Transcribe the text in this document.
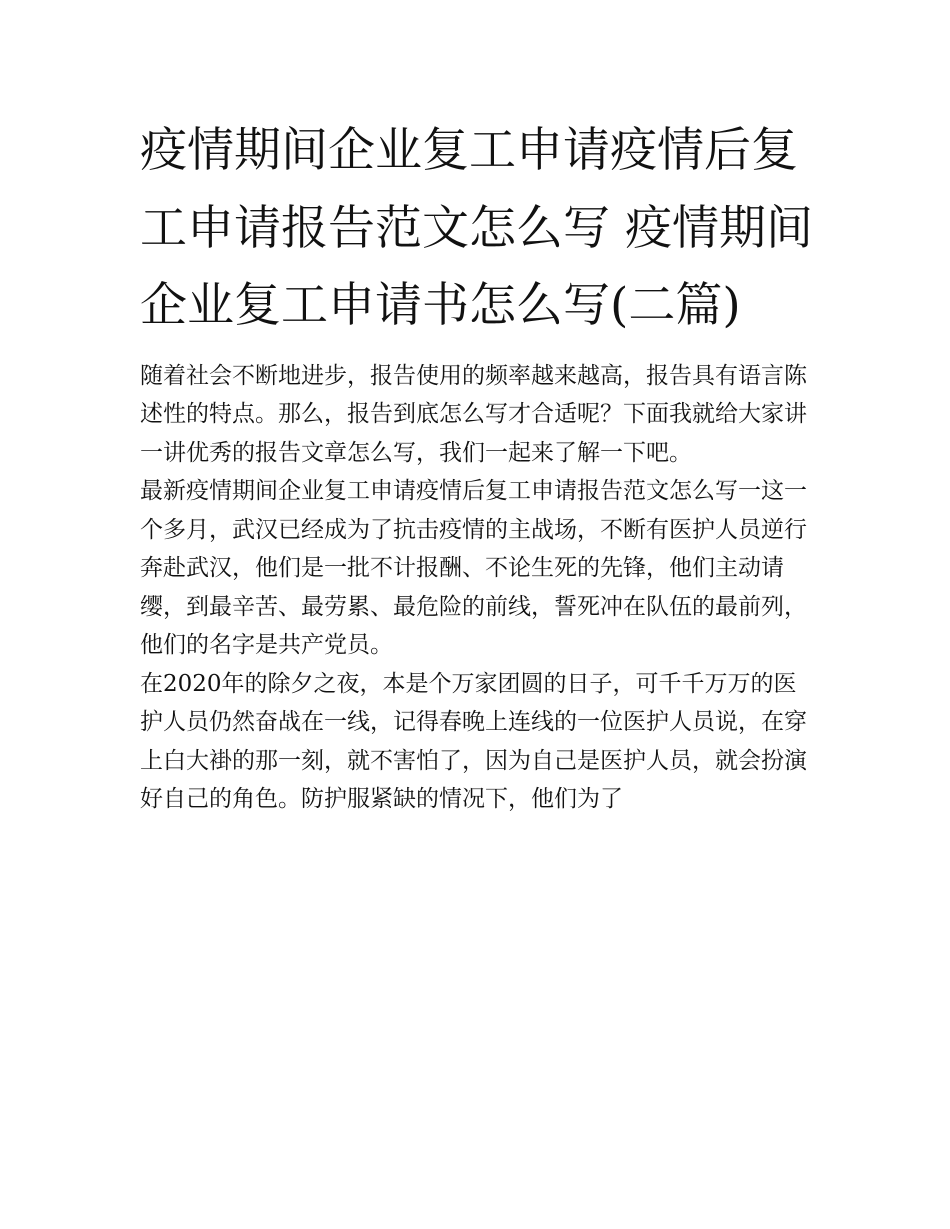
疫情期间企业复工申请疫情后复工申请报告范文怎么写 疫情期间企业复工申请书怎么写(二篇)

随着社会不断地进步，报告使用的频率越来越高，报告具有语言陈述性的特点。那么，报告到底怎么写才合适呢？下面我就给大家讲一讲优秀的报告文章怎么写，我们一起来了解一下吧。

最新疫情期间企业复工申请疫情后复工申请报告范文怎么写一这一个多月，武汉已经成为了抗击疫情的主战场，不断有医护人员逆行奔赴武汉，他们是一批不计报酬、不论生死的先锋，他们主动请缨，到最辛苦、最劳累、最危险的前线，誓死冲在队伍的最前列，他们的名字是共产党员。

在2020年的除夕之夜，本是个万家团圆的日子，可千千万万的医护人员仍然奋战在一线，记得春晚上连线的一位医护人员说，在穿上白大褂的那一刻，就不害怕了，因为自己是医护人员，就会扮演好自己的角色。防护服紧缺的情况下，他们为了
